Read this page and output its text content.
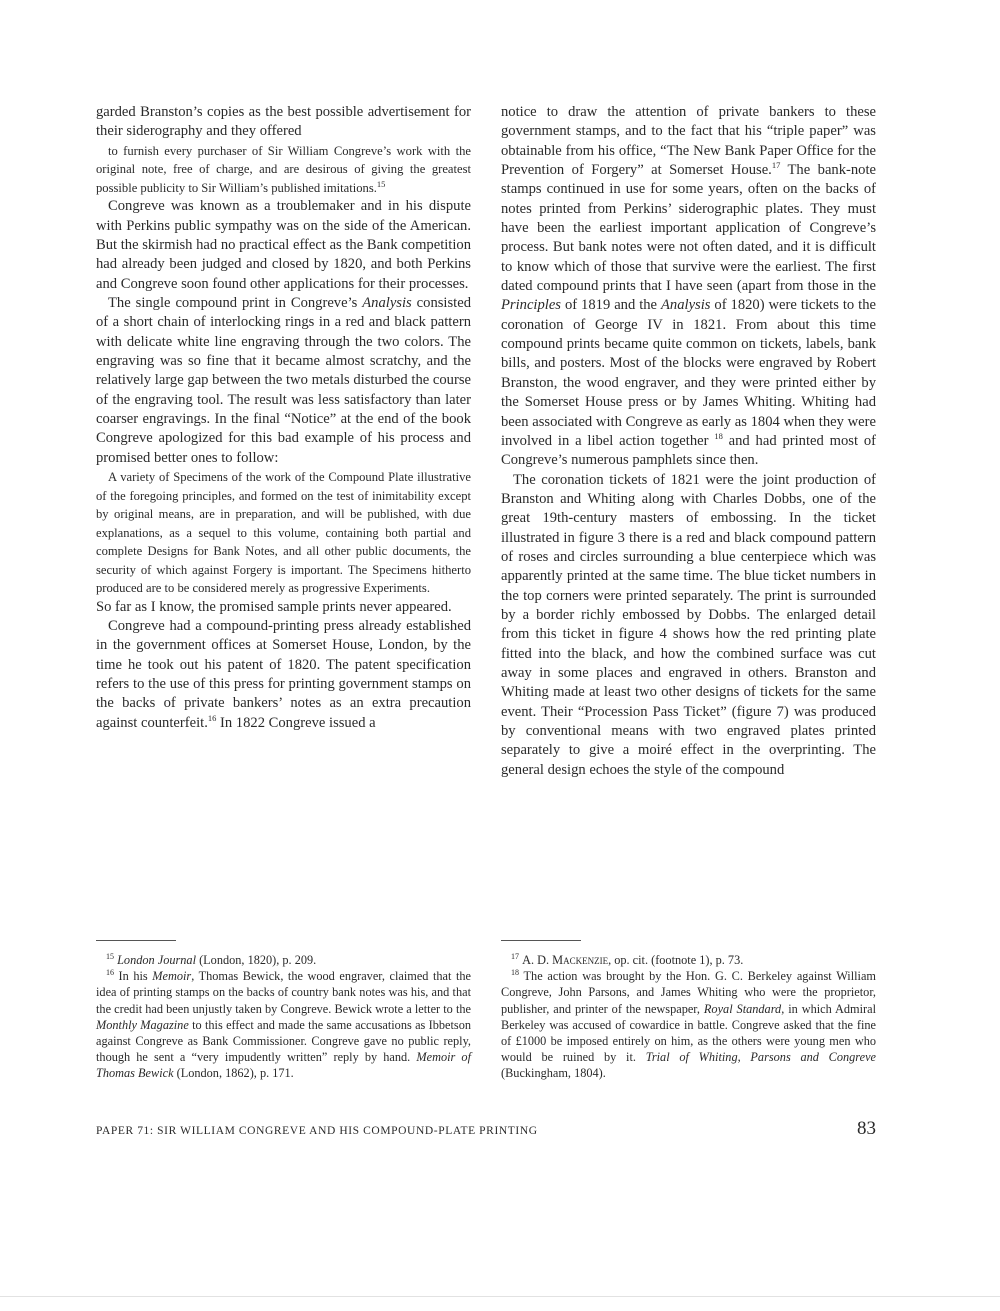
garded Branston’s copies as the best possible advertisement for their siderography and they offered

to furnish every purchaser of Sir William Congreve’s work with the original note, free of charge, and are desirous of giving the greatest possible publicity to Sir William’s published imitations.$^{15}$

Congreve was known as a troublemaker and in his dispute with Perkins public sympathy was on the side of the American. But the skirmish had no practical effect as the Bank competition had already been judged and closed by 1820, and both Perkins and Congreve soon found other applications for their processes.

The single compound print in Congreve’s Analysis consisted of a short chain of interlocking rings in a red and black pattern with delicate white line engraving through the two colors. The engraving was so fine that it became almost scratchy, and the relatively large gap between the two metals disturbed the course of the engraving tool. The result was less satisfactory than later coarser engravings. In the final “Notice” at the end of the book Congreve apologized for this bad example of his process and promised better ones to follow:

A variety of Specimens of the work of the Compound Plate illustrative of the foregoing principles, and formed on the test of inimitability except by original means, are in preparation, and will be published, with due explanations, as a sequel to this volume, containing both partial and complete Designs for Bank Notes, and all other public documents, the security of which against Forgery is important. The Specimens hitherto produced are to be considered merely as progressive Experiments.

So far as I know, the promised sample prints never appeared.

Congreve had a compound-printing press already established in the government offices at Somerset House, London, by the time he took out his patent of 1820. The patent specification refers to the use of this press for printing government stamps on the backs of private bankers’ notes as an extra precaution against counterfeit.$^{16}$ In 1822 Congreve issued a

notice to draw the attention of private bankers to these government stamps, and to the fact that his “triple paper” was obtainable from his office, “The New Bank Paper Office for the Prevention of Forgery” at Somerset House.$^{17}$ The bank-note stamps continued in use for some years, often on the backs of notes printed from Perkins’ siderographic plates. They must have been the earliest important application of Congreve’s process. But bank notes were not often dated, and it is difficult to know which of those that survive were the earliest. The first dated compound prints that I have seen (apart from those in the Principles of 1819 and the Analysis of 1820) were tickets to the coronation of George IV in 1821. From about this time compound prints became quite common on tickets, labels, bank bills, and posters. Most of the blocks were engraved by Robert Branston, the wood engraver, and they were printed either by the Somerset House press or by James Whiting. Whiting had been associated with Congreve as early as 1804 when they were involved in a libel action together $^{18}$ and had printed most of Congreve’s numerous pamphlets since then.

The coronation tickets of 1821 were the joint production of Branston and Whiting along with Charles Dobbs, one of the great 19th-century masters of embossing. In the ticket illustrated in figure 3 there is a red and black compound pattern of roses and circles surrounding a blue centerpiece which was apparently printed at the same time. The blue ticket numbers in the top corners were printed separately. The print is surrounded by a border richly embossed by Dobbs. The enlarged detail from this ticket in figure 4 shows how the red printing plate fitted into the black, and how the combined surface was cut away in some places and engraved in others. Branston and Whiting made at least two other designs of tickets for the same event. Their “Procession Pass Ticket” (figure 7) was produced by conventional means with two engraved plates printed separately to give a moiré effect in the overprinting. The general design echoes the style of the compound

$^{15}$ London Journal (London, 1820), p. 209.

$^{16}$ In his Memoir, Thomas Bewick, the wood engraver, claimed that the idea of printing stamps on the backs of country bank notes was his, and that the credit had been unjustly taken by Congreve. Bewick wrote a letter to the Monthly Magazine to this effect and made the same accusations as Ibbetson against Congreve as Bank Commissioner. Congreve gave no public reply, though he sent a “very impudently written” reply by hand. Memoir of Thomas Bewick (London, 1862), p. 171.

$^{17}$ A. D. Mackenzie, op. cit. (footnote 1), p. 73.

$^{18}$ The action was brought by the Hon. G. C. Berkeley against William Congreve, John Parsons, and James Whiting who were the proprietor, publisher, and printer of the newspaper, Royal Standard, in which Admiral Berkeley was accused of cowardice in battle. Congreve asked that the fine of £1000 be imposed entirely on him, as the others were young men who would be ruined by it. Trial of Whiting, Parsons and Congreve (Buckingham, 1804).

PAPER 71: SIR WILLIAM CONGREVE AND HIS COMPOUND-PLATE PRINTING	83
